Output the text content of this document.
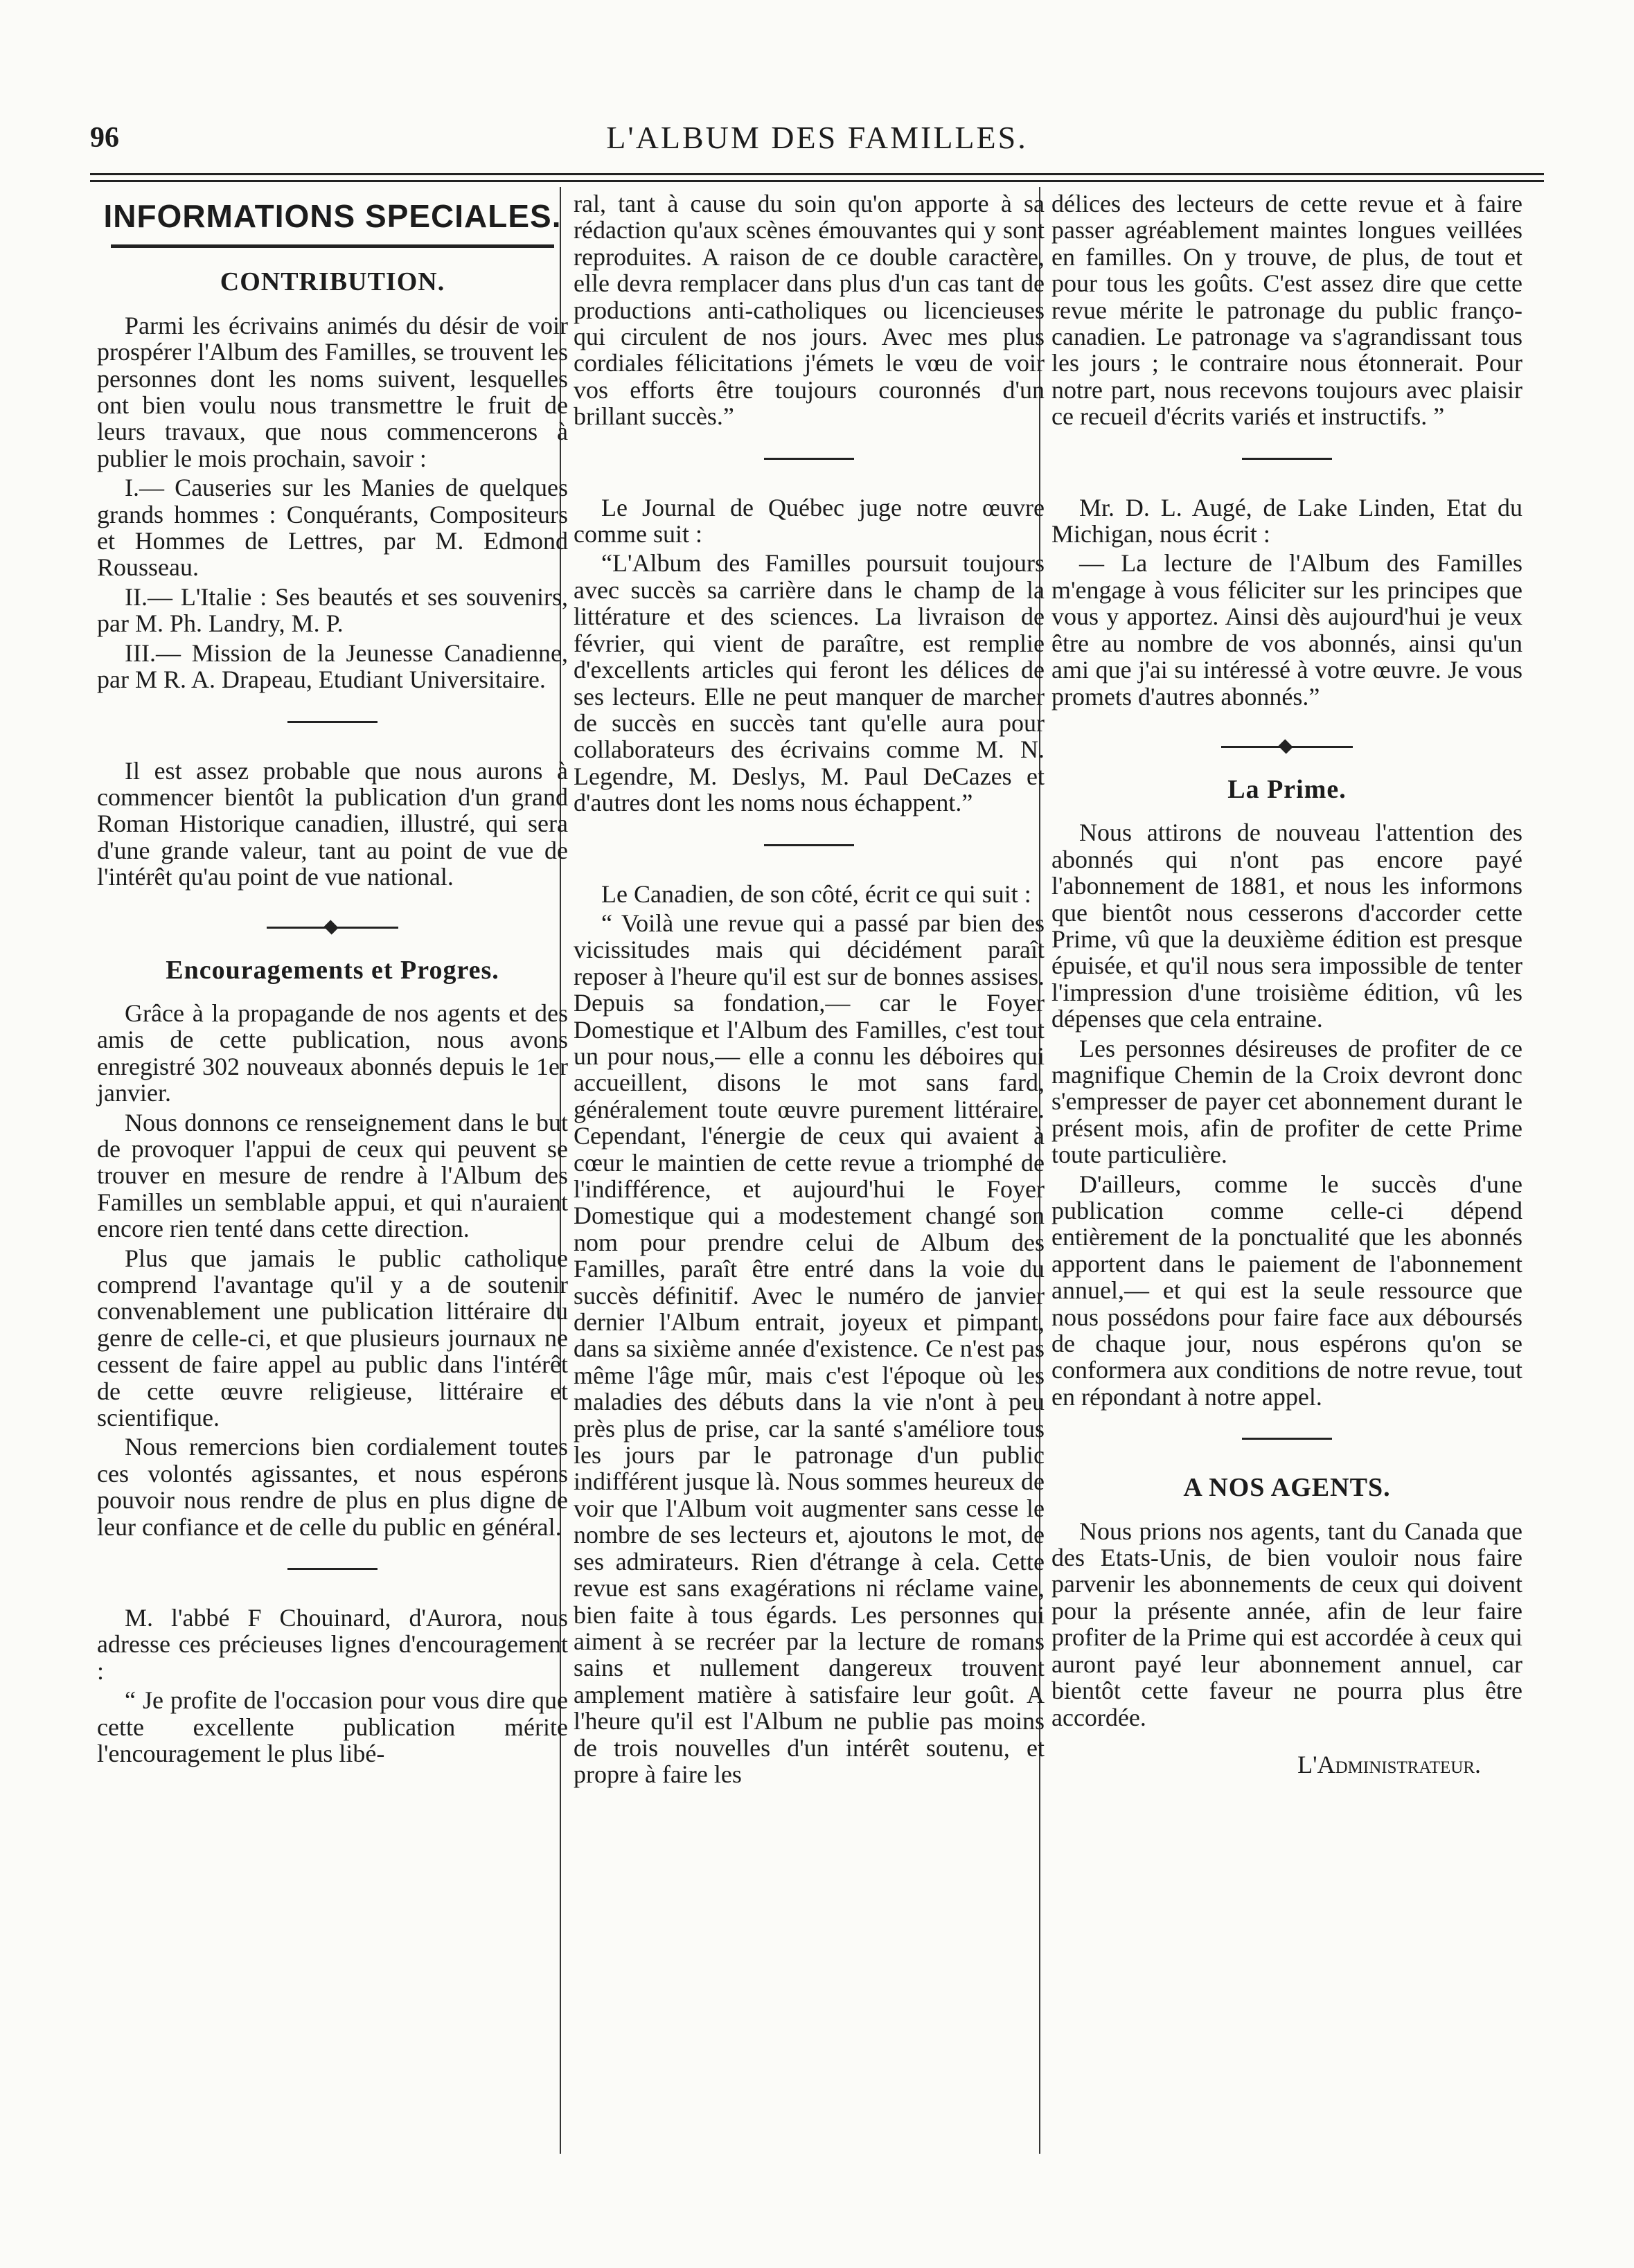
96	L'ALBUM DES FAMILLES.
INFORMATIONS SPECIALES.
CONTRIBUTION.

Parmi les écrivains animés du désir de voir prospérer l'Album des Familles, se trouvent les personnes dont les noms suivent, lesquelles ont bien voulu nous transmettre le fruit de leurs travaux, que nous commencerons à publier le mois prochain, savoir :

I.— Causeries sur les Manies de quelques grands hommes : Conquérants, Compositeurs et Hommes de Lettres, par M. Edmond Rousseau.

II.— L'Italie : Ses beautés et ses souvenirs, par M. Ph. Landry, M. P.

III.— Mission de la Jeunesse Canadienne, par M R. A. Drapeau, Etudiant Universitaire.

Il est assez probable que nous aurons à commencer bientôt la publication d'un grand Roman Historique canadien, illustré, qui sera d'une grande valeur, tant au point de vue de l'intérêt qu'au point de vue national.

Encouragements et Progres.

Grâce à la propagande de nos agents et des amis de cette publication, nous avons enregistré 302 nouveaux abonnés depuis le 1er janvier.

Nous donnons ce renseignement dans le but de provoquer l'appui de ceux qui peuvent se trouver en mesure de rendre à l'Album des Familles un semblable appui, et qui n'auraient encore rien tenté dans cette direction.

Plus que jamais le public catholique comprend l'avantage qu'il y a de soutenir convenablement une publication littéraire du genre de celle-ci, et que plusieurs journaux ne cessent de faire appel au public dans l'intérêt de cette œuvre religieuse, littéraire et scientifique.

Nous remercions bien cordialement toutes ces volontés agissantes, et nous espérons pouvoir nous rendre de plus en plus digne de leur confiance et de celle du public en général.

M. l'abbé F Chouinard, d'Aurora, nous adresse ces précieuses lignes d'encouragement :

“ Je profite de l'occasion pour vous dire que cette excellente publication mérite l'encouragement le plus libé-

ral, tant à cause du soin qu'on apporte à sa rédaction qu'aux scènes émouvantes qui y sont reproduites. A raison de ce double caractère, elle devra remplacer dans plus d'un cas tant de productions anti-catholiques ou licencieuses qui circulent de nos jours. Avec mes plus cordiales félicitations j'émets le vœu de voir vos efforts être toujours couronnés d'un brillant succès.”

Le Journal de Québec juge notre œuvre comme suit :

“L'Album des Familles poursuit toujours avec succès sa carrière dans le champ de la littérature et des sciences. La livraison de février, qui vient de paraître, est remplie d'excellents articles qui feront les délices de ses lecteurs. Elle ne peut manquer de marcher de succès en succès tant qu'elle aura pour collaborateurs des écrivains comme M. N. Legendre, M. Deslys, M. Paul DeCazes et d'autres dont les noms nous échappent.”

Le Canadien, de son côté, écrit ce qui suit :

“ Voilà une revue qui a passé par bien des vicissitudes mais qui décidément paraît reposer à l'heure qu'il est sur de bonnes assises. Depuis sa fondation,— car le Foyer Domestique et l'Album des Familles, c'est tout un pour nous,— elle a connu les déboires qui accueillent, disons le mot sans fard, généralement toute œuvre purement littéraire. Cependant, l'énergie de ceux qui avaient à cœur le maintien de cette revue a triomphé de l'indifférence, et aujourd'hui le Foyer Domestique qui a modestement changé son nom pour prendre celui de Album des Familles, paraît être entré dans la voie du succès définitif. Avec le numéro de janvier dernier l'Album entrait, joyeux et pimpant, dans sa sixième année d'existence. Ce n'est pas même l'âge mûr, mais c'est l'époque où les maladies des débuts dans la vie n'ont à peu près plus de prise, car la santé s'améliore tous les jours par le patronage d'un public indifférent jusque là. Nous sommes heureux de voir que l'Album voit augmenter sans cesse le nombre de ses lecteurs et, ajoutons le mot, de ses admirateurs. Rien d'étrange à cela. Cette revue est sans exagérations ni réclame vaine, bien faite à tous égards. Les personnes qui aiment à se recréer par la lecture de romans sains et nullement dangereux trouvent amplement matière à satisfaire leur goût. A l'heure qu'il est l'Album ne publie pas moins de trois nouvelles d'un intérêt soutenu, et propre à faire les

délices des lecteurs de cette revue et à faire passer agréablement maintes longues veillées en familles. On y trouve, de plus, de tout et pour tous les goûts. C'est assez dire que cette revue mérite le patronage du public franço-canadien. Le patronage va s'agrandissant tous les jours ; le contraire nous étonnerait. Pour notre part, nous recevons toujours avec plaisir ce recueil d'écrits variés et instructifs. ”

Mr. D. L. Augé, de Lake Linden, Etat du Michigan, nous écrit :

— La lecture de l'Album des Familles m'engage à vous féliciter sur les principes que vous y apportez. Ainsi dès aujourd'hui je veux être au nombre de vos abonnés, ainsi qu'un ami que j'ai su intéressé à votre œuvre. Je vous promets d'autres abonnés.”

La Prime.

Nous attirons de nouveau l'attention des abonnés qui n'ont pas encore payé l'abonnement de 1881, et nous les informons que bientôt nous cesserons d'accorder cette Prime, vû que la deuxième édition est presque épuisée, et qu'il nous sera impossible de tenter l'impression d'une troisième édition, vû les dépenses que cela entraine.

Les personnes désireuses de profiter de ce magnifique Chemin de la Croix devront donc s'empresser de payer cet abonnement durant le présent mois, afin de profiter de cette Prime toute particulière.

D'ailleurs, comme le succès d'une publication comme celle-ci dépend entièrement de la ponctualité que les abonnés apportent dans le paiement de l'abonnement annuel,— et qui est la seule ressource que nous possédons pour faire face aux déboursés de chaque jour, nous espérons qu'on se conformera aux conditions de notre revue, tout en répondant à notre appel.

A NOS AGENTS.

Nous prions nos agents, tant du Canada que des Etats-Unis, de bien vouloir nous faire parvenir les abonnements de ceux qui doivent pour la présente année, afin de leur faire profiter de la Prime qui est accordée à ceux qui auront payé leur abonnement annuel, car bientôt cette faveur ne pourra plus être accordée.

L'Administrateur.
